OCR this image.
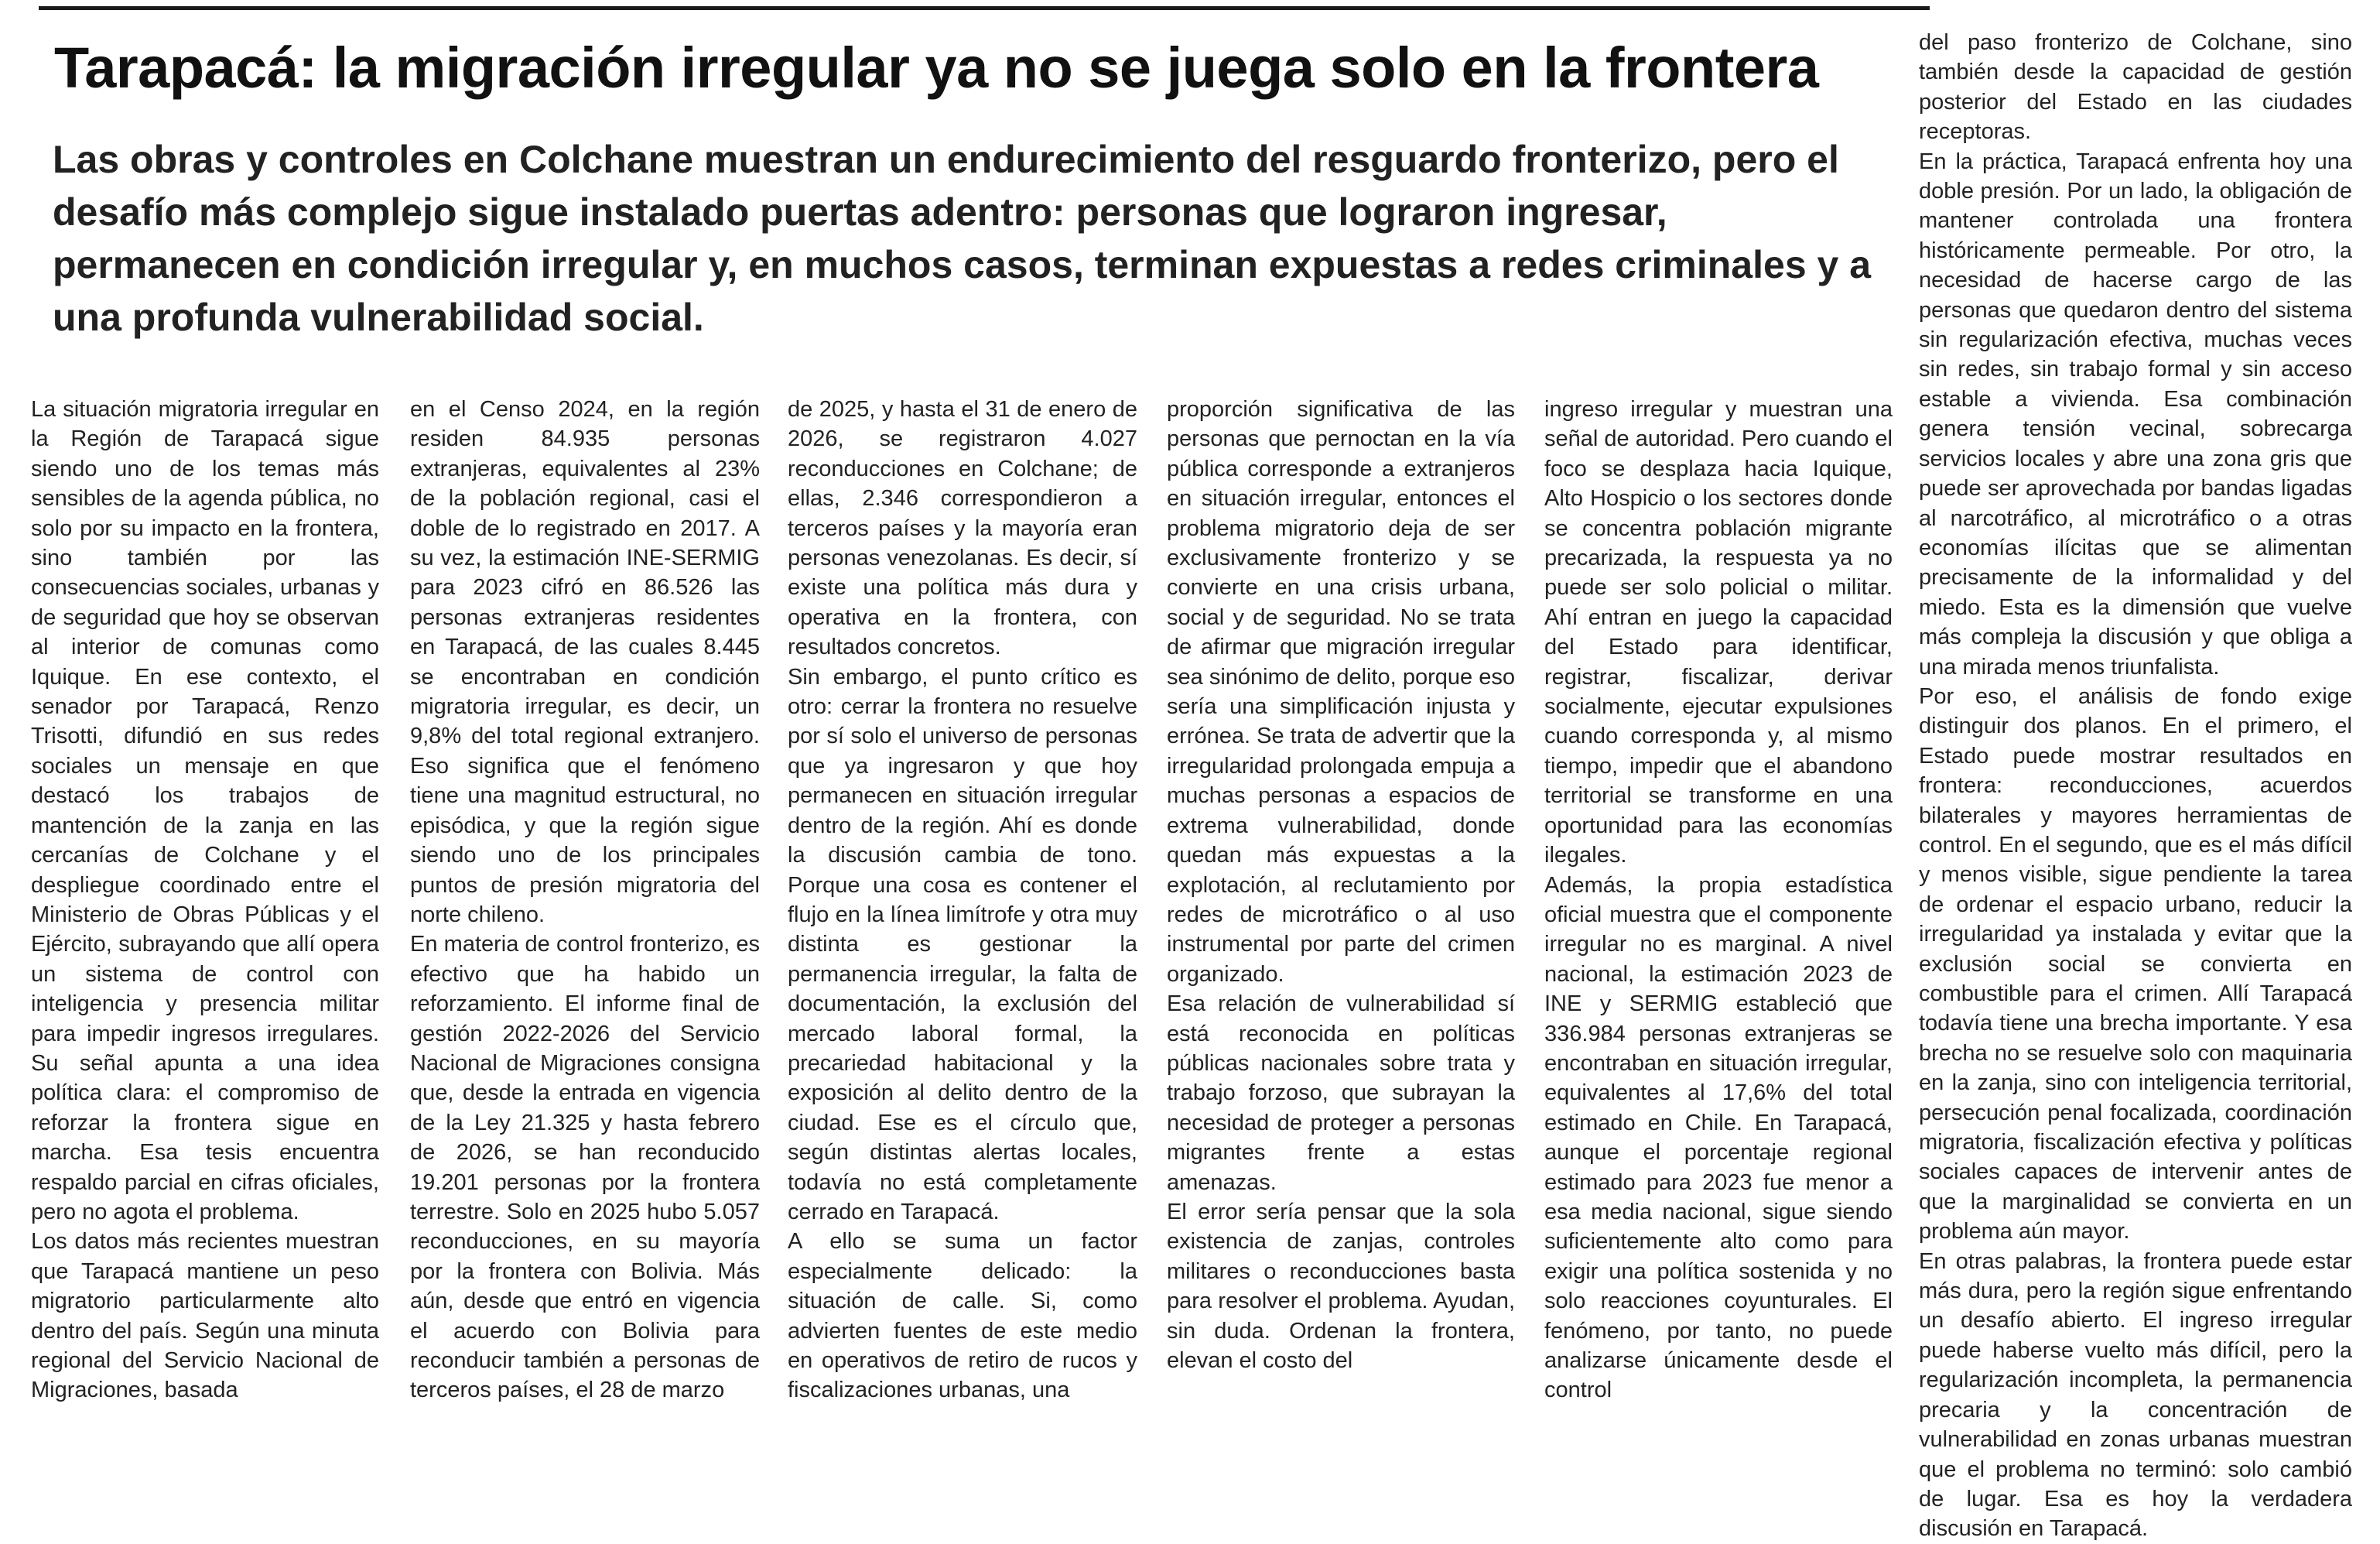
Tarapacá: la migración irregular ya no se juega solo en la frontera
Las obras y controles en Colchane muestran un endurecimiento del resguardo fronterizo, pero el desafío más complejo sigue instalado puertas adentro: personas que lograron ingresar, permanecen en condición irregular y, en muchos casos, terminan expuestas a redes criminales y a una profunda vulnerabilidad social.

La situación migratoria irregular en la Región de Tarapacá sigue siendo uno de los temas más sensibles de la agenda pública, no solo por su impacto en la frontera, sino también por las consecuencias sociales, urbanas y de seguridad que hoy se observan al interior de comunas como Iquique. En ese contexto, el senador por Tarapacá, Renzo Trisotti, difundió en sus redes sociales un mensaje en que destacó los trabajos de mantención de la zanja en las cercanías de Colchane y el despliegue coordinado entre el Ministerio de Obras Públicas y el Ejército, subrayando que allí opera un sistema de control con inteligencia y presencia militar para impedir ingresos irregulares. Su señal apunta a una idea política clara: el compromiso de reforzar la frontera sigue en marcha. Esa tesis encuentra respaldo parcial en cifras oficiales, pero no agota el problema.

Los datos más recientes muestran que Tarapacá mantiene un peso migratorio particularmente alto dentro del país. Según una minuta regional del Servicio Nacional de Migraciones, basada

en el Censo 2024, en la región residen 84.935 personas extranjeras, equivalentes al 23% de la población regional, casi el doble de lo registrado en 2017. A su vez, la estimación INE-SERMIG para 2023 cifró en 86.526 las personas extranjeras residentes en Tarapacá, de las cuales 8.445 se encontraban en condición migratoria irregular, es decir, un 9,8% del total regional extranjero. Eso significa que el fenómeno tiene una magnitud estructural, no episódica, y que la región sigue siendo uno de los principales puntos de presión migratoria del norte chileno.

En materia de control fronterizo, es efectivo que ha habido un reforzamiento. El informe final de gestión 2022-2026 del Servicio Nacional de Migraciones consigna que, desde la entrada en vigencia de la Ley 21.325 y hasta febrero de 2026, se han reconducido 19.201 personas por la frontera terrestre. Solo en 2025 hubo 5.057 reconducciones, en su mayoría por la frontera con Bolivia. Más aún, desde que entró en vigencia el acuerdo con Bolivia para reconducir también a personas de terceros países, el 28 de marzo

de 2025, y hasta el 31 de enero de 2026, se registraron 4.027 reconducciones en Colchane; de ellas, 2.346 correspondieron a terceros países y la mayoría eran personas venezolanas. Es decir, sí existe una política más dura y operativa en la frontera, con resultados concretos.

Sin embargo, el punto crítico es otro: cerrar la frontera no resuelve por sí solo el universo de personas que ya ingresaron y que hoy permanecen en situación irregular dentro de la región. Ahí es donde la discusión cambia de tono. Porque una cosa es contener el flujo en la línea limítrofe y otra muy distinta es gestionar la permanencia irregular, la falta de documentación, la exclusión del mercado laboral formal, la precariedad habitacional y la exposición al delito dentro de la ciudad. Ese es el círculo que, según distintas alertas locales, todavía no está completamente cerrado en Tarapacá.

A ello se suma un factor especialmente delicado: la situación de calle. Si, como advierten fuentes de este medio en operativos de retiro de rucos y fiscalizaciones urbanas, una

proporción significativa de las personas que pernoctan en la vía pública corresponde a extranjeros en situación irregular, entonces el problema migratorio deja de ser exclusivamente fronterizo y se convierte en una crisis urbana, social y de seguridad. No se trata de afirmar que migración irregular sea sinónimo de delito, porque eso sería una simplificación injusta y errónea. Se trata de advertir que la irregularidad prolongada empuja a muchas personas a espacios de extrema vulnerabilidad, donde quedan más expuestas a la explotación, al reclutamiento por redes de microtráfico o al uso instrumental por parte del crimen organizado.

Esa relación de vulnerabilidad sí está reconocida en políticas públicas nacionales sobre trata y trabajo forzoso, que subrayan la necesidad de proteger a personas migrantes frente a estas amenazas.

El error sería pensar que la sola existencia de zanjas, controles militares o reconducciones basta para resolver el problema. Ayudan, sin duda. Ordenan la frontera, elevan el costo del

ingreso irregular y muestran una señal de autoridad. Pero cuando el foco se desplaza hacia Iquique, Alto Hospicio o los sectores donde se concentra población migrante precarizada, la respuesta ya no puede ser solo policial o militar. Ahí entran en juego la capacidad del Estado para identificar, registrar, fiscalizar, derivar socialmente, ejecutar expulsiones cuando corresponda y, al mismo tiempo, impedir que el abandono territorial se transforme en una oportunidad para las economías ilegales.

Además, la propia estadística oficial muestra que el componente irregular no es marginal. A nivel nacional, la estimación 2023 de INE y SERMIG estableció que 336.984 personas extranjeras se encontraban en situación irregular, equivalentes al 17,6% del total estimado en Chile. En Tarapacá, aunque el porcentaje regional estimado para 2023 fue menor a esa media nacional, sigue siendo suficientemente alto como para exigir una política sostenida y no solo reacciones coyunturales. El fenómeno, por tanto, no puede analizarse únicamente desde el control

del paso fronterizo de Colchane, sino también desde la capacidad de gestión posterior del Estado en las ciudades receptoras.

En la práctica, Tarapacá enfrenta hoy una doble presión. Por un lado, la obligación de mantener controlada una frontera históricamente permeable. Por otro, la necesidad de hacerse cargo de las personas que quedaron dentro del sistema sin regularización efectiva, muchas veces sin redes, sin trabajo formal y sin acceso estable a vivienda. Esa combinación genera tensión vecinal, sobrecarga servicios locales y abre una zona gris que puede ser aprovechada por bandas ligadas al narcotráfico, al microtráfico o a otras economías ilícitas que se alimentan precisamente de la informalidad y del miedo. Esta es la dimensión que vuelve más compleja la discusión y que obliga a una mirada menos triunfalista.

Por eso, el análisis de fondo exige distinguir dos planos. En el primero, el Estado puede mostrar resultados en frontera: reconducciones, acuerdos bilaterales y mayores herramientas de control. En el segundo, que es el más difícil y menos visible, sigue pendiente la tarea de ordenar el espacio urbano, reducir la irregularidad ya instalada y evitar que la exclusión social se convierta en combustible para el crimen. Allí Tarapacá todavía tiene una brecha importante. Y esa brecha no se resuelve solo con maquinaria en la zanja, sino con inteligencia territorial, persecución penal focalizada, coordinación migratoria, fiscalización efectiva y políticas sociales capaces de intervenir antes de que la marginalidad se convierta en un problema aún mayor.

En otras palabras, la frontera puede estar más dura, pero la región sigue enfrentando un desafío abierto. El ingreso irregular puede haberse vuelto más difícil, pero la regularización incompleta, la permanencia precaria y la concentración de vulnerabilidad en zonas urbanas muestran que el problema no terminó: solo cambió de lugar. Esa es hoy la verdadera discusión en Tarapacá.
